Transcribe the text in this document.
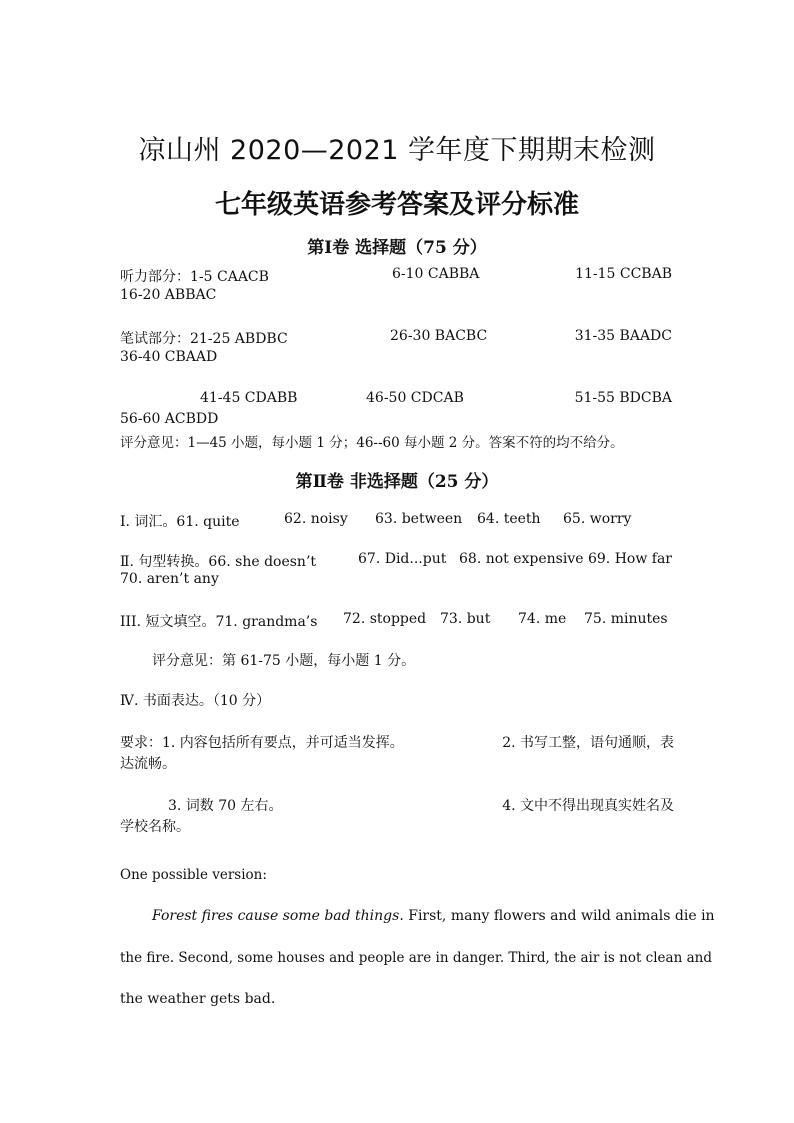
凉山州 2020—2021 学年度下期期末检测
七年级英语参考答案及评分标准
第Ⅰ卷 选择题（75 分）
听力部分：1-5 CAACB	6-10 CABBA	11-15 CCBAB
16-20 ABBAC
笔试部分：21-25 ABDBC	26-30 BACBC	31-35 BAADC
36-40 CBAAD
41-45 CDABB	46-50 CDCAB	51-55 BDCBA
56-60 ACBDD
评分意见：1—45 小题，每小题 1 分；46--60 每小题 2 分。答案不符的均不给分。
第Ⅱ卷 非选择题（25 分）
Ⅰ. 词汇。61. quite	62. noisy 63. between 64. teeth 65. worry
Ⅱ. 句型转换。66. she doesn’t	67. Did...put 68. not expensive 69. How far
70. aren’t any
III. 短文填空。71. grandma’s 72. stopped 73. but 74. me 75. minutes
评分意见：第 61-75 小题，每小题 1 分。
Ⅳ. 书面表达。（10 分）
要求：1. 内容包括所有要点，并可适当发挥。	2. 书写工整，语句通顺，表
达流畅。
3. 词数 70 左右。	4. 文中不得出现真实姓名及
学校名称。
One possible version:
Forest fires cause some bad things. First, many flowers and wild animals die in
the fire. Second, some houses and people are in danger. Third, the air is not clean and
the weather gets bad.
